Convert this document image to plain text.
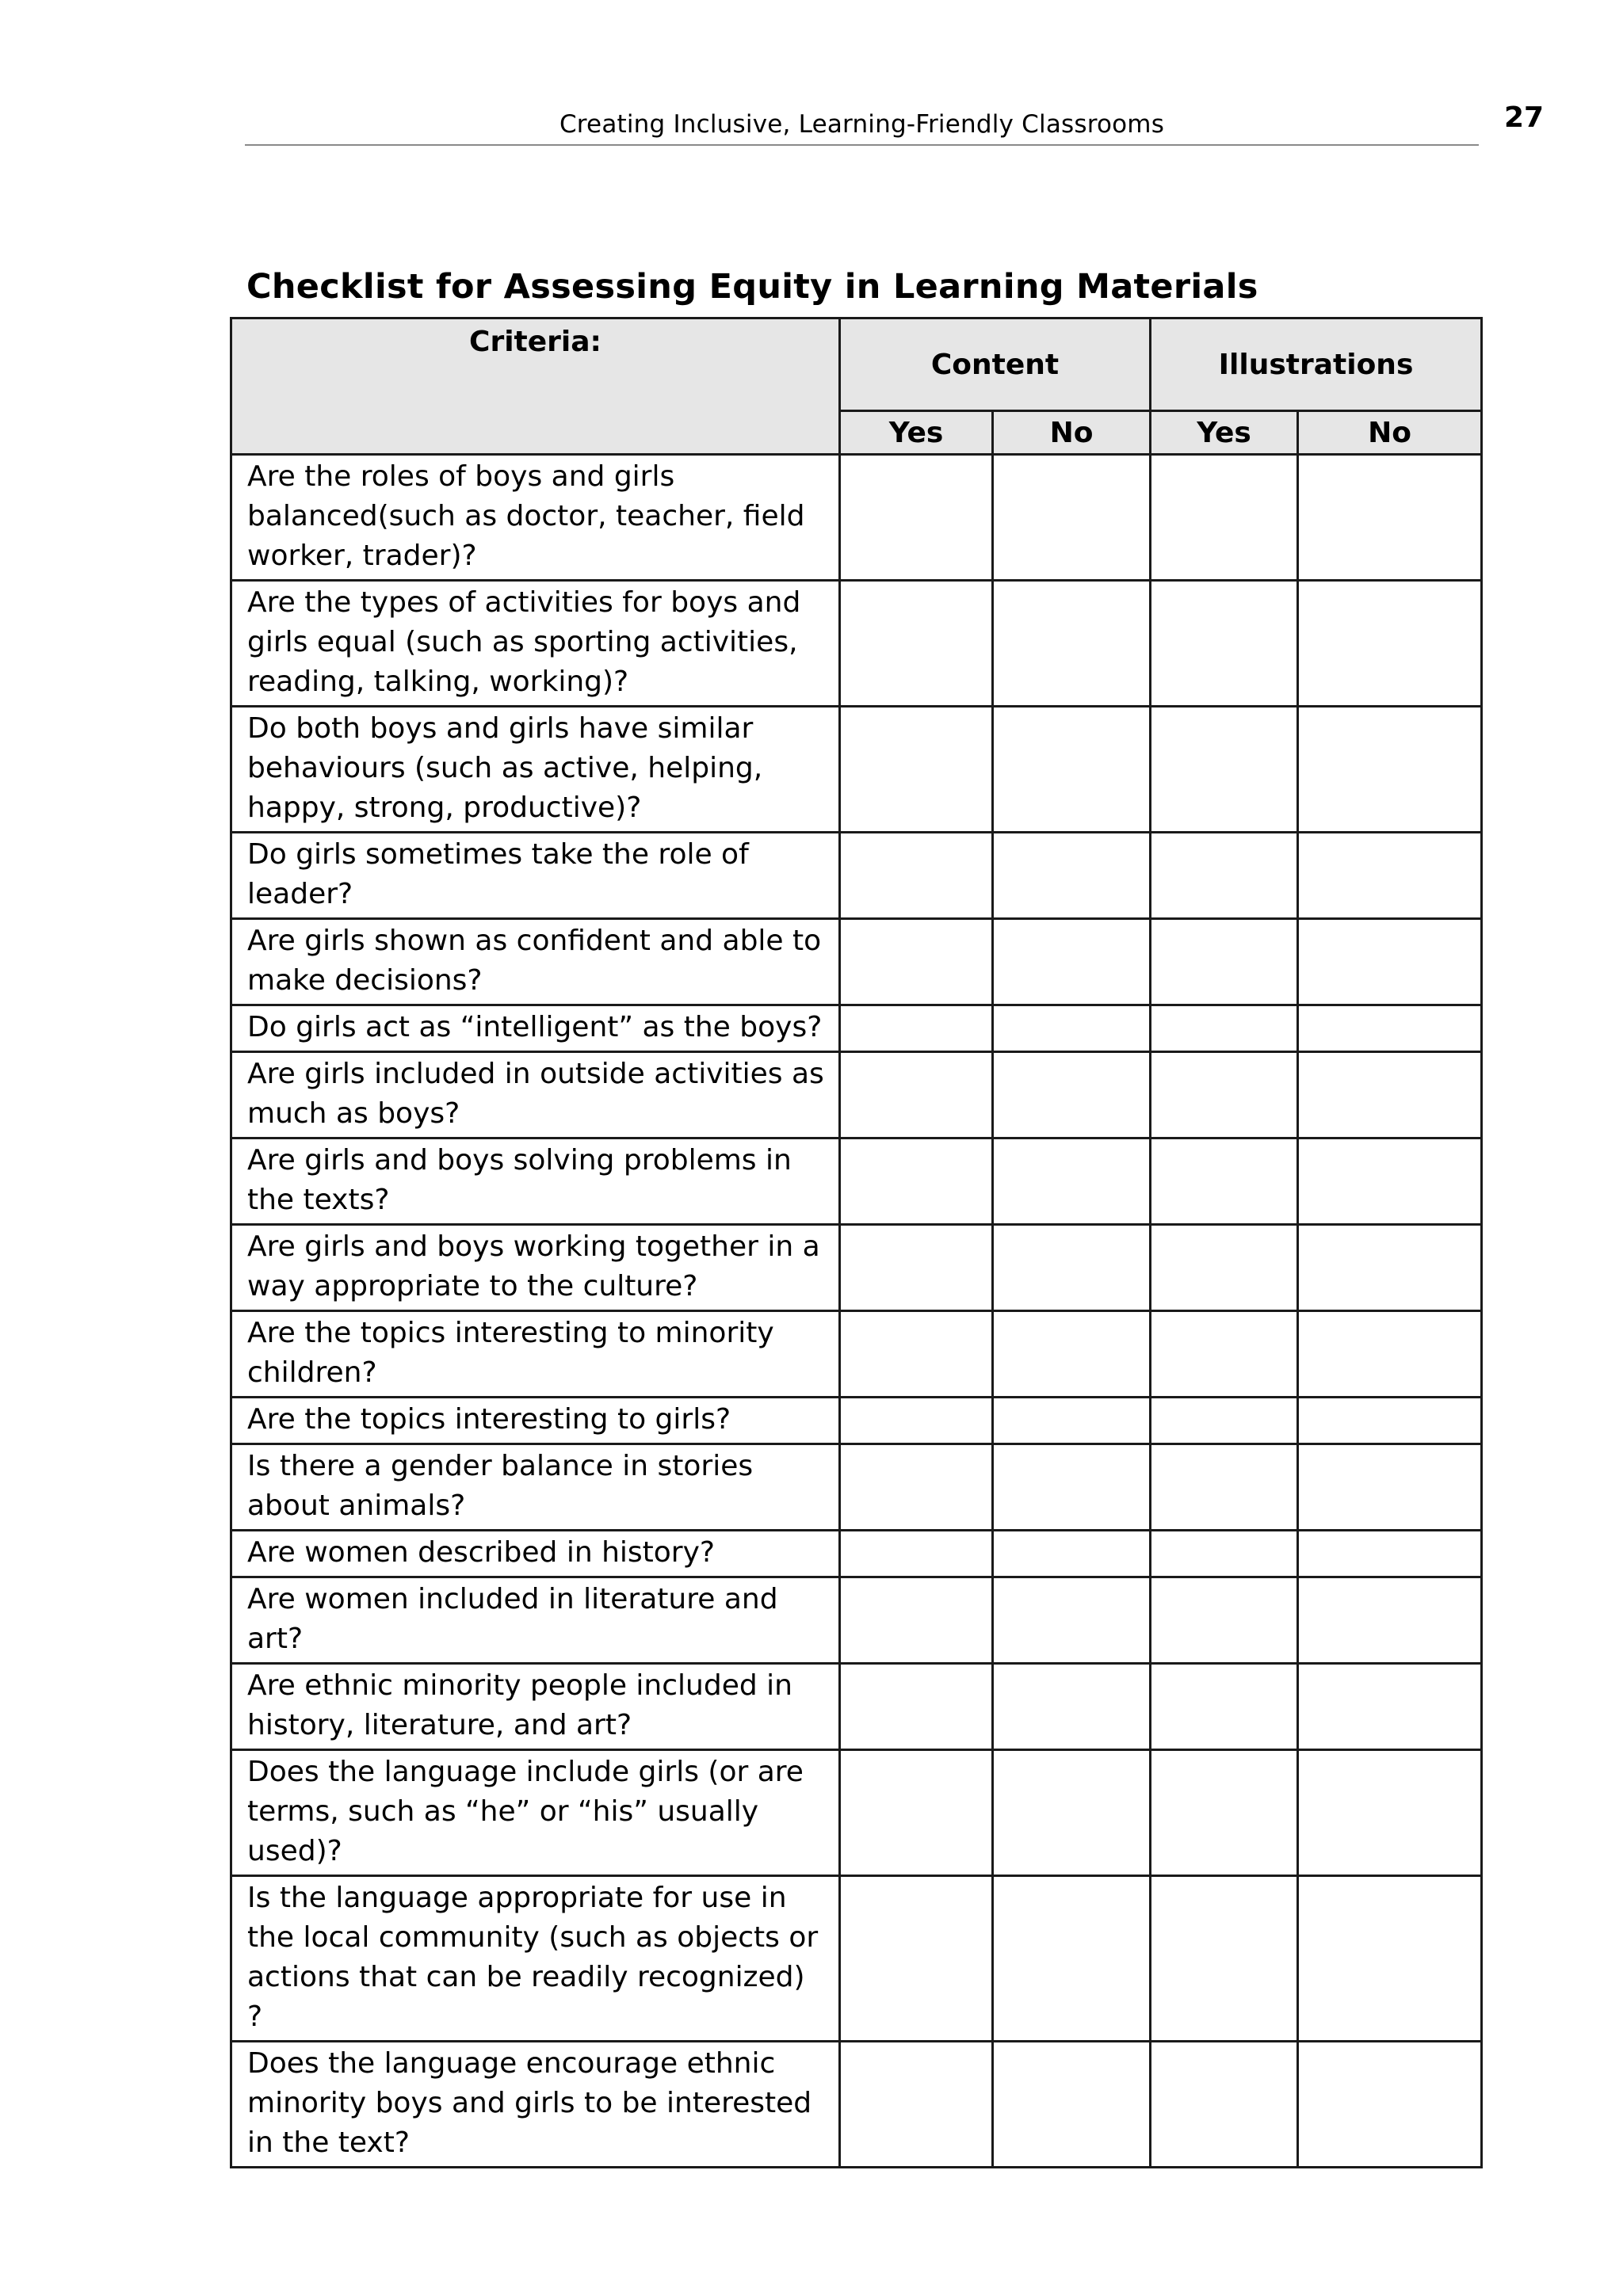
Creating Inclusive, Learning-Friendly Classrooms	27
Checklist for Assessing Equity in Learning Materials
Criteria:	Content		Illustrations	
	Yes	No	Yes	No
Are the roles of boys and girls balanced(such as doctor, teacher, field worker, trader)?				
Are the types of activities for boys and girls equal (such as sporting activities, reading, talking, working)?				
Do both boys and girls have similar behaviours (such as active, helping, happy, strong, productive)?				
Do girls sometimes take the role of leader?				
Are girls shown as confident and able to make decisions?				
Do girls act as “intelligent” as the boys?				
Are girls included in outside activities as much as boys?				
Are girls and boys solving problems in the texts?				
Are girls and boys working together in a way appropriate to the culture?				
Are the topics interesting to minority children?				
Are the topics interesting to girls?				
Is there a gender balance in stories about animals?				
Are women described in history?				
Are women included in literature and art?				
Are ethnic minority people included in history, literature, and art?				
Does the language include girls (or are terms, such as “he” or “his” usually used)?				
Is the language appropriate for use in the local community (such as objects or actions that can be readily recognized) ?				
Does the language encourage ethnic minority boys and girls to be interested in the text?				
